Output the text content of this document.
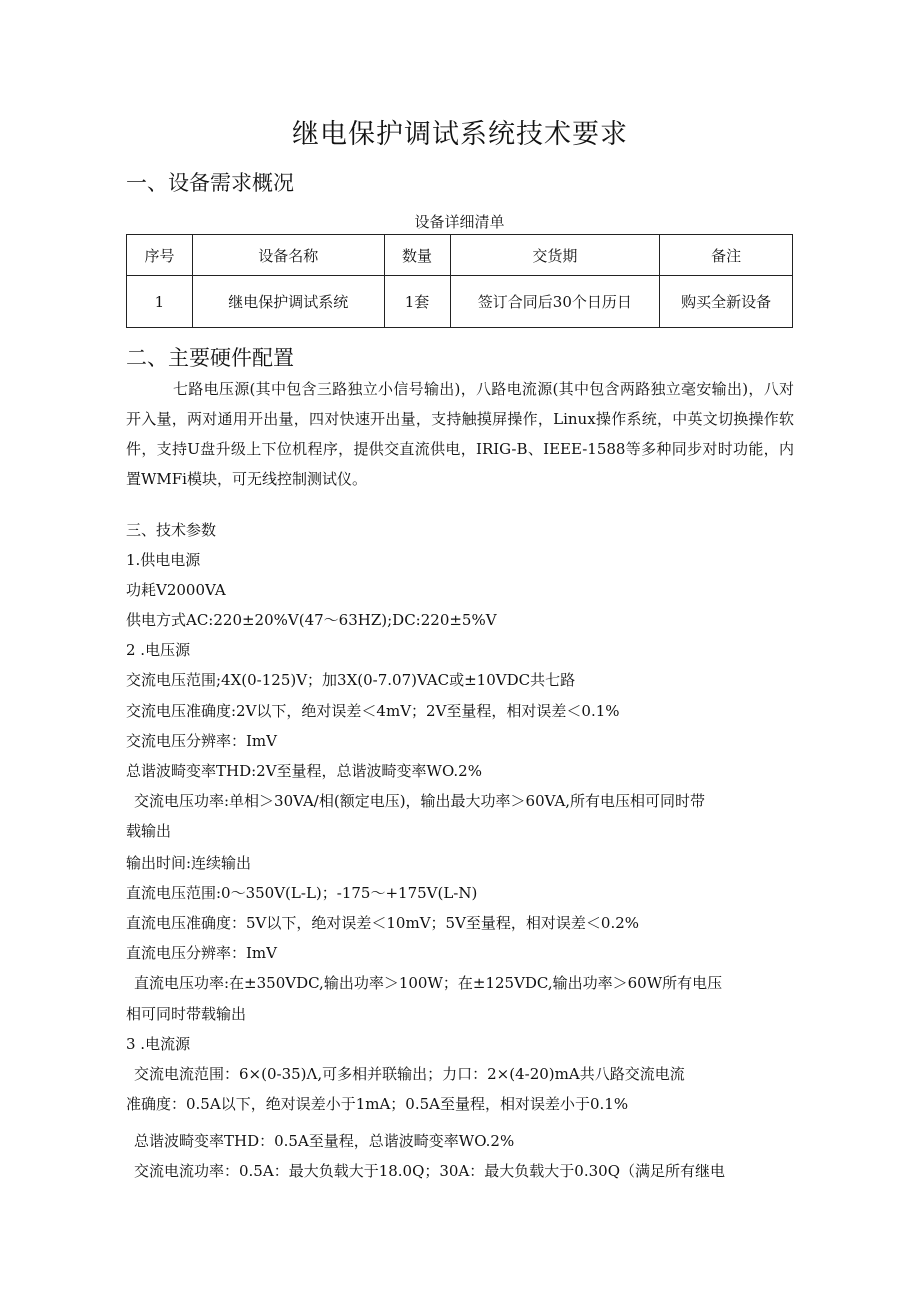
继电保护调试系统技术要求
一、设备需求概况
设备详细清单
序号	设备名称	数量	交货期	备注
1	继电保护调试系统	1套	签订合同后30个日历日	购买全新设备
二、主要硬件配置

七路电压源(其中包含三路独立小信号输出)，八路电流源(其中包含两路独立毫安输出)，八对开入量，两对通用开出量，四对快速开出量，支持触摸屏操作，Linux操作系统，中英文切换操作软件，支持U盘升级上下位机程序，提供交直流供电，IRIG-B、IEEE-1588等多种同步对时功能，内置WMFi模块，可无线控制测试仪。

三、技术参数
1.供电电源
功耗V2000VA
供电方式AC:220±20%V(47～63HZ);DC:220±5%V
2 .电压源
交流电压范围;4X(0-125)V；加3X(0-7.07)VAC或±10VDC共七路
交流电压准确度:2V以下，绝对误差＜4mV；2V至量程，相对误差＜0.1%
交流电压分辨率：ImV
总谐波畸变率THD:2V至量程，总谐波畸变率WO.2%
交流电压功率:单相＞30VA/相(额定电压)，输出最大功率＞60VA,所有电压相可同时带
载输出
输出时间:连续输出
直流电压范围:0～350V(L-L)；-175～+175V(L-N)
直流电压准确度：5V以下，绝对误差＜10mV；5V至量程，相对误差＜0.2%
直流电压分辨率：ImV
直流电压功率:在±350VDC,输出功率＞100W；在±125VDC,输出功率＞60W所有电压
相可同时带载输出
3 .电流源
交流电流范围：6×(0-35)Λ,可多相并联输出；力口：2×(4-20)mA共八路交流电流
准确度：0.5A以下，绝对误差小于1mA；0.5A至量程，相对误差小于0.1%
总谐波畸变率THD：0.5A至量程，总谐波畸变率WO.2%
交流电流功率：0.5A：最大负载大于18.0Q；30A：最大负载大于0.30Q（满足所有继电
